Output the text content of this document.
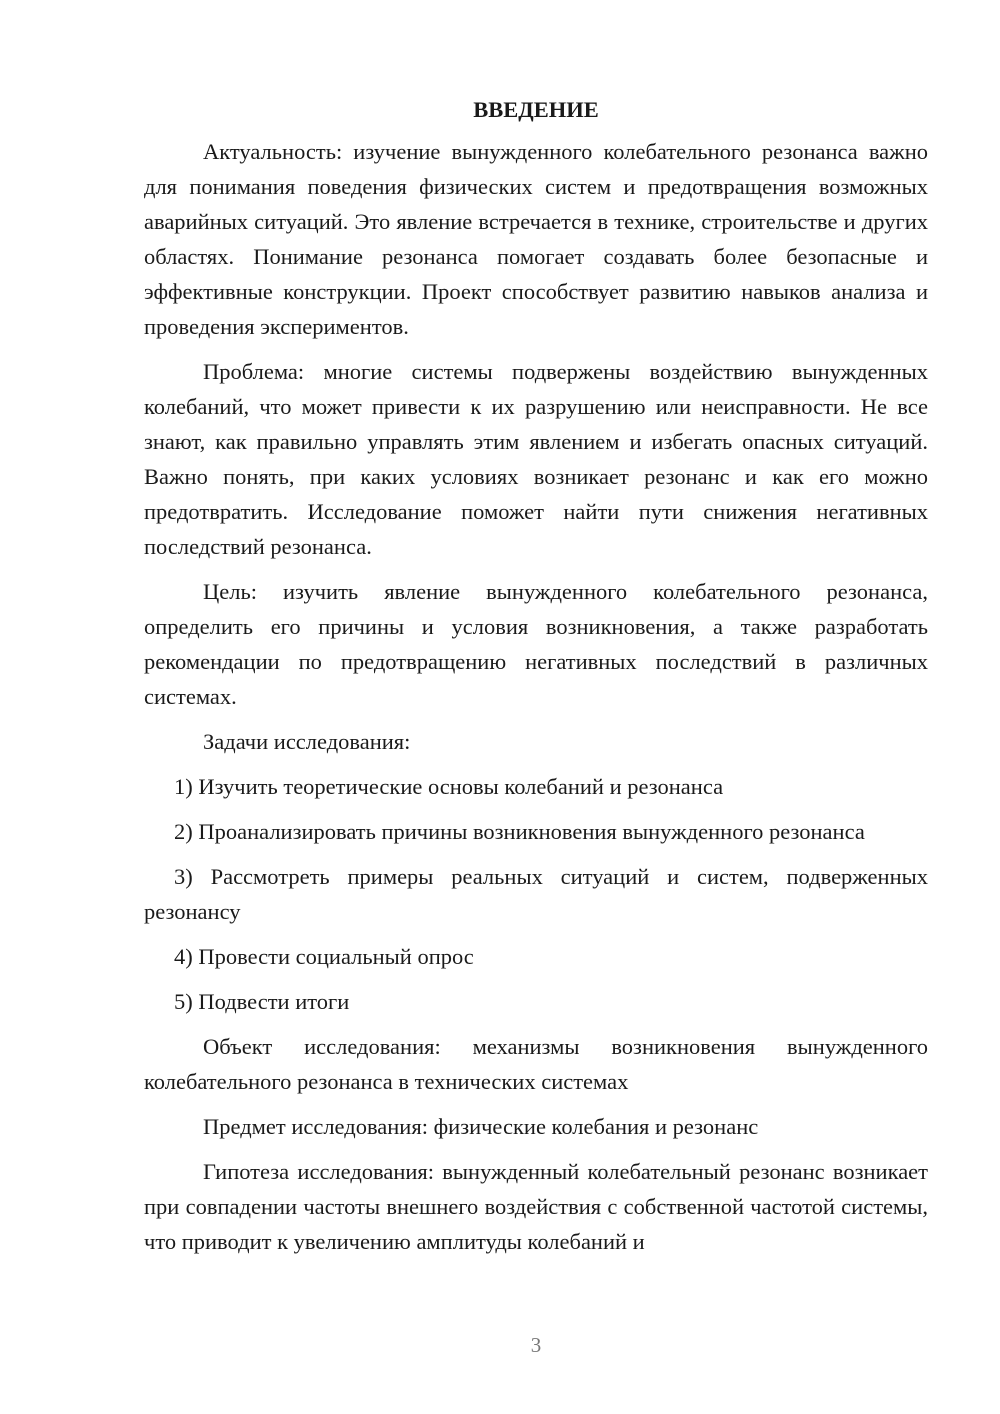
ВВЕДЕНИЕ

Актуальность: изучение вынужденного колебательного резонанса важно для понимания поведения физических систем и предотвращения возможных аварийных ситуаций. Это явление встречается в технике, строительстве и других областях. Понимание резонанса помогает создавать более безопасные и эффективные конструкции. Проект способствует развитию навыков анализа и проведения экспериментов.

Проблема: многие системы подвержены воздействию вынужденных колебаний, что может привести к их разрушению или неисправности. Не все знают, как правильно управлять этим явлением и избегать опасных ситуаций. Важно понять, при каких условиях возникает резонанс и как его можно предотвратить. Исследование поможет найти пути снижения негативных последствий резонанса.

Цель: изучить явление вынужденного колебательного резонанса, определить его причины и условия возникновения, а также разработать рекомендации по предотвращению негативных последствий в различных системах.

Задачи исследования:

1) Изучить теоретические основы колебаний и резонанса

2) Проанализировать причины возникновения вынужденного резонанса

3) Рассмотреть примеры реальных ситуаций и систем, подверженных резонансу

4) Провести социальный опрос

5) Подвести итоги

Объект исследования: механизмы возникновения вынужденного колебательного резонанса в технических системах

Предмет исследования: физические колебания и резонанс

Гипотеза исследования: вынужденный колебательный резонанс возникает при совпадении частоты внешнего воздействия с собственной частотой системы, что приводит к увеличению амплитуды колебаний и

3
